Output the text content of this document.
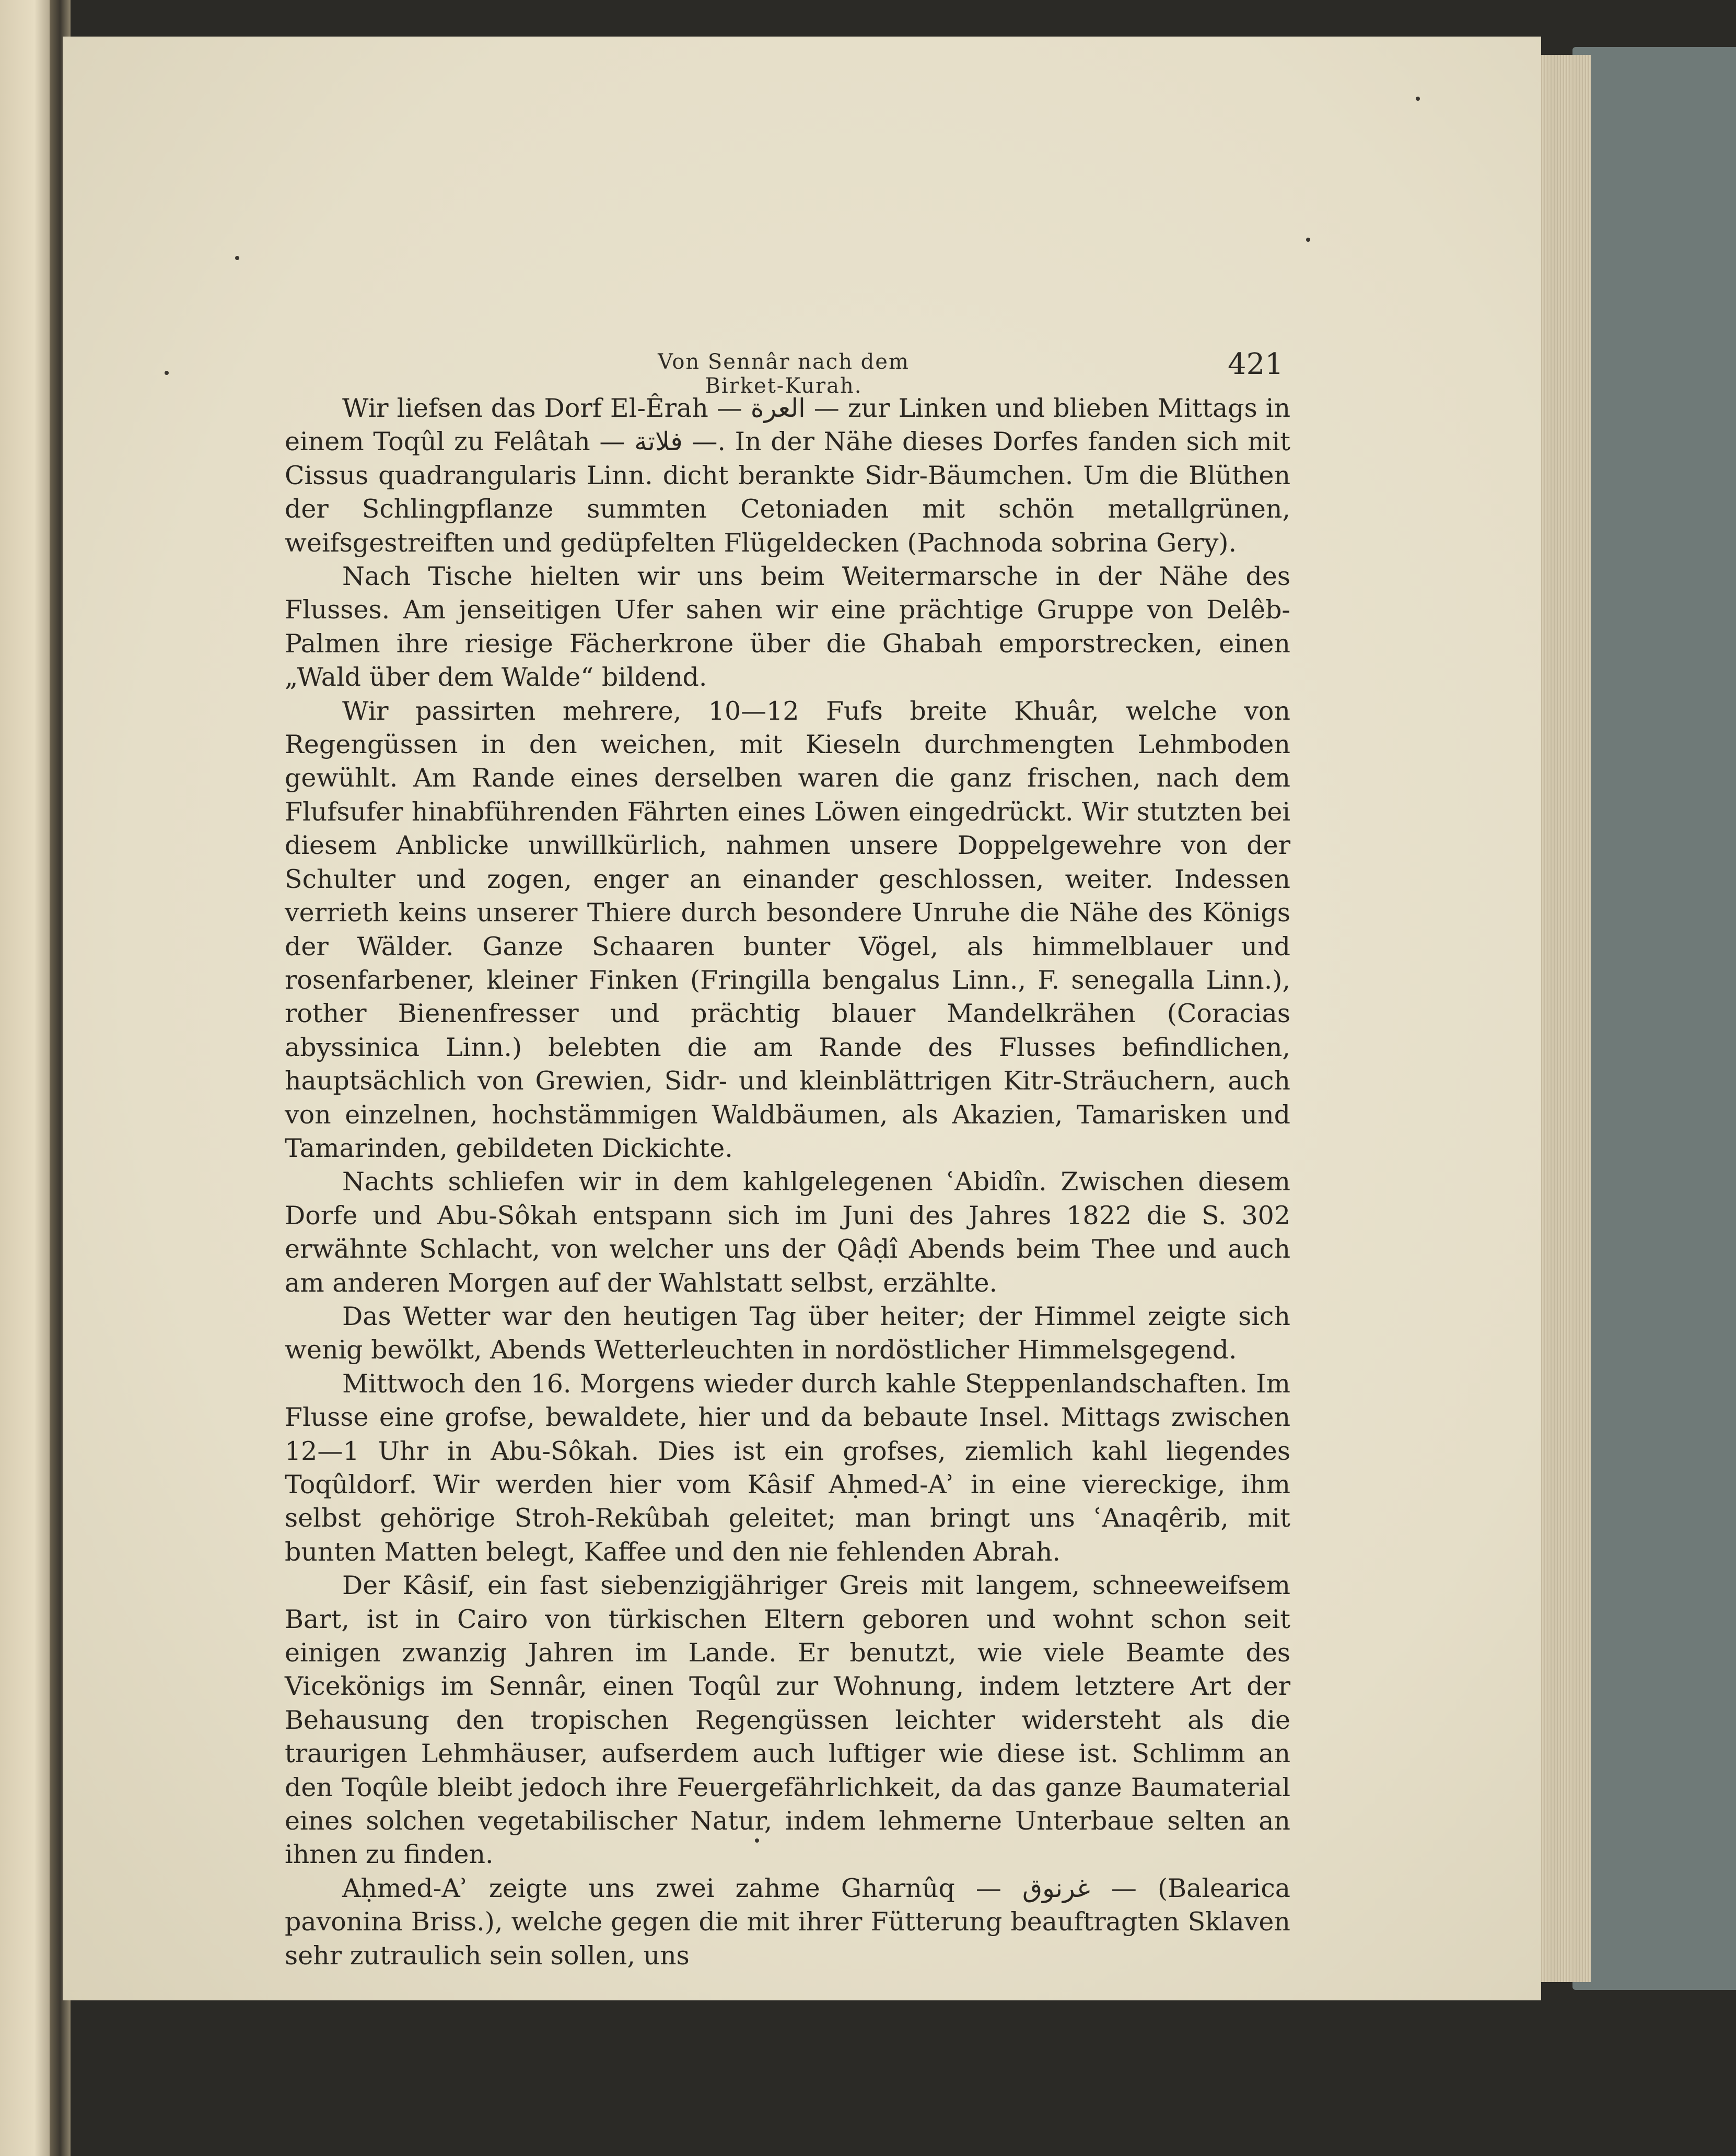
Von Sennâr nach dem Birket-Kurah.
421

Wir liefsen das Dorf El-Êrah — العرة — zur Linken und blieben Mittags in einem Toqûl zu Felâtah — فلاتة —. In der Nähe dieses Dorfes fanden sich mit Cissus quadrangularis Linn. dicht berankte Sidr-Bäumchen. Um die Blüthen der Schlingpflanze summten Cetoniaden mit schön metallgrünen, weifsgestreiften und gedüpfelten Flügeldecken (Pachnoda sobrina Gery).

Nach Tische hielten wir uns beim Weitermarsche in der Nähe des Flusses. Am jenseitigen Ufer sahen wir eine prächtige Gruppe von Delêb-Palmen ihre riesige Fächerkrone über die Ghabah emporstrecken, einen „Wald über dem Walde“ bildend.

Wir passirten mehrere, 10—12 Fufs breite Khuâr, welche von Regengüssen in den weichen, mit Kieseln durchmengten Lehmboden gewühlt. Am Rande eines derselben waren die ganz frischen, nach dem Flufsufer hinabführenden Fährten eines Löwen eingedrückt. Wir stutzten bei diesem Anblicke unwillkürlich, nahmen unsere Doppelgewehre von der Schulter und zogen, enger an einander geschlossen, weiter. Indessen verrieth keins unserer Thiere durch besondere Unruhe die Nähe des Königs der Wälder. Ganze Schaaren bunter Vögel, als himmelblauer und rosenfarbener, kleiner Finken (Fringilla bengalus Linn., F. senegalla Linn.), rother Bienenfresser und prächtig blauer Mandelkrähen (Coracias abyssinica Linn.) belebten die am Rande des Flusses befindlichen, hauptsächlich von Grewien, Sidr- und kleinblättrigen Kitr-Sträuchern, auch von einzelnen, hochstämmigen Waldbäumen, als Akazien, Tamarisken und Tamarinden, gebildeten Dickichte.

Nachts schliefen wir in dem kahlgelegenen ʿAbidîn. Zwischen diesem Dorfe und Abu-Sôkah entspann sich im Juni des Jahres 1822 die S. 302 erwähnte Schlacht, von welcher uns der Qâḍî Abends beim Thee und auch am anderen Morgen auf der Wahlstatt selbst, erzählte.

Das Wetter war den heutigen Tag über heiter; der Himmel zeigte sich wenig bewölkt, Abends Wetterleuchten in nordöstlicher Himmelsgegend.

Mittwoch den 16. Morgens wieder durch kahle Steppenlandschaften. Im Flusse eine grofse, bewaldete, hier und da bebaute Insel. Mittags zwischen 12—1 Uhr in Abu-Sôkah. Dies ist ein grofses, ziemlich kahl liegendes Toqûldorf. Wir werden hier vom Kâsif Aḥmed-Aʾ in eine viereckige, ihm selbst gehörige Stroh-Rekûbah geleitet; man bringt uns ʿAnaqêrib, mit bunten Matten belegt, Kaffee und den nie fehlenden Abrah.

Der Kâsif, ein fast siebenzigjähriger Greis mit langem, schneeweifsem Bart, ist in Cairo von türkischen Eltern geboren und wohnt schon seit einigen zwanzig Jahren im Lande. Er benutzt, wie viele Beamte des Vicekönigs im Sennâr, einen Toqûl zur Wohnung, indem letztere Art der Behausung den tropischen Regengüssen leichter widersteht als die traurigen Lehmhäuser, aufserdem auch luftiger wie diese ist. Schlimm an den Toqûle bleibt jedoch ihre Feuergefährlichkeit, da das ganze Baumaterial eines solchen vegetabilischer Natur, indem lehmerne Unterbaue selten an ihnen zu finden.

Aḥmed-Aʾ zeigte uns zwei zahme Gharnûq — غرنوق — (Balearica pavonina Briss.), welche gegen die mit ihrer Fütterung beauftragten Sklaven sehr zutraulich sein sollen, uns
